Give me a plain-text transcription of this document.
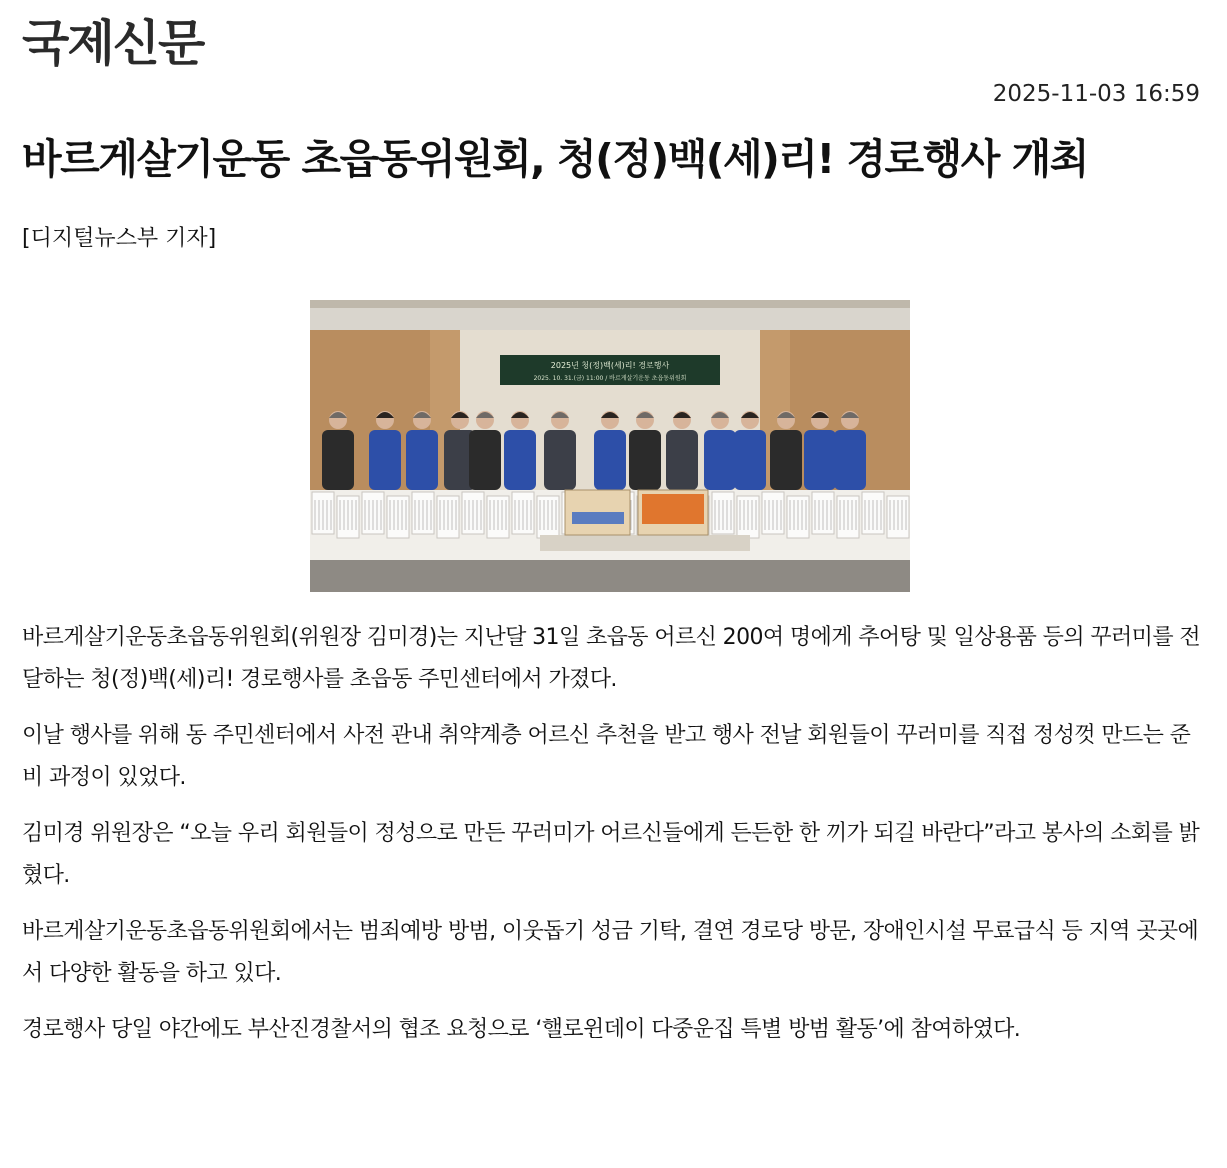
국제신문
2025-11-03 16:59
바르게살기운동 초읍동위원회, 청(정)백(세)리! 경로행사 개최
[디지털뉴스부 기자]
2025년 청(정)백(세)리! 경로행사
2025. 10. 31.(금) 11:00 / 바르게살기운동 초읍동위원회

바르게살기운동초읍동위원회(위원장 김미경)는 지난달 31일 초읍동 어르신 200여 명에게 추어탕 및 일상용품 등의 꾸러미를 전달하는 청(정)백(세)리! 경로행사를 초읍동 주민센터에서 가졌다.

이날 행사를 위해 동 주민센터에서 사전 관내 취약계층 어르신 추천을 받고 행사 전날 회원들이 꾸러미를 직접 정성껏 만드는 준비 과정이 있었다.

김미경 위원장은 “오늘 우리 회원들이 정성으로 만든 꾸러미가 어르신들에게 든든한 한 끼가 되길 바란다”라고 봉사의 소회를 밝혔다.

바르게살기운동초읍동위원회에서는 범죄예방 방범, 이웃돕기 성금 기탁, 결연 경로당 방문, 장애인시설 무료급식 등 지역 곳곳에서 다양한 활동을 하고 있다.

경로행사 당일 야간에도 부산진경찰서의 협조 요청으로 ‘핼로윈데이 다중운집 특별 방범 활동’에 참여하였다.
